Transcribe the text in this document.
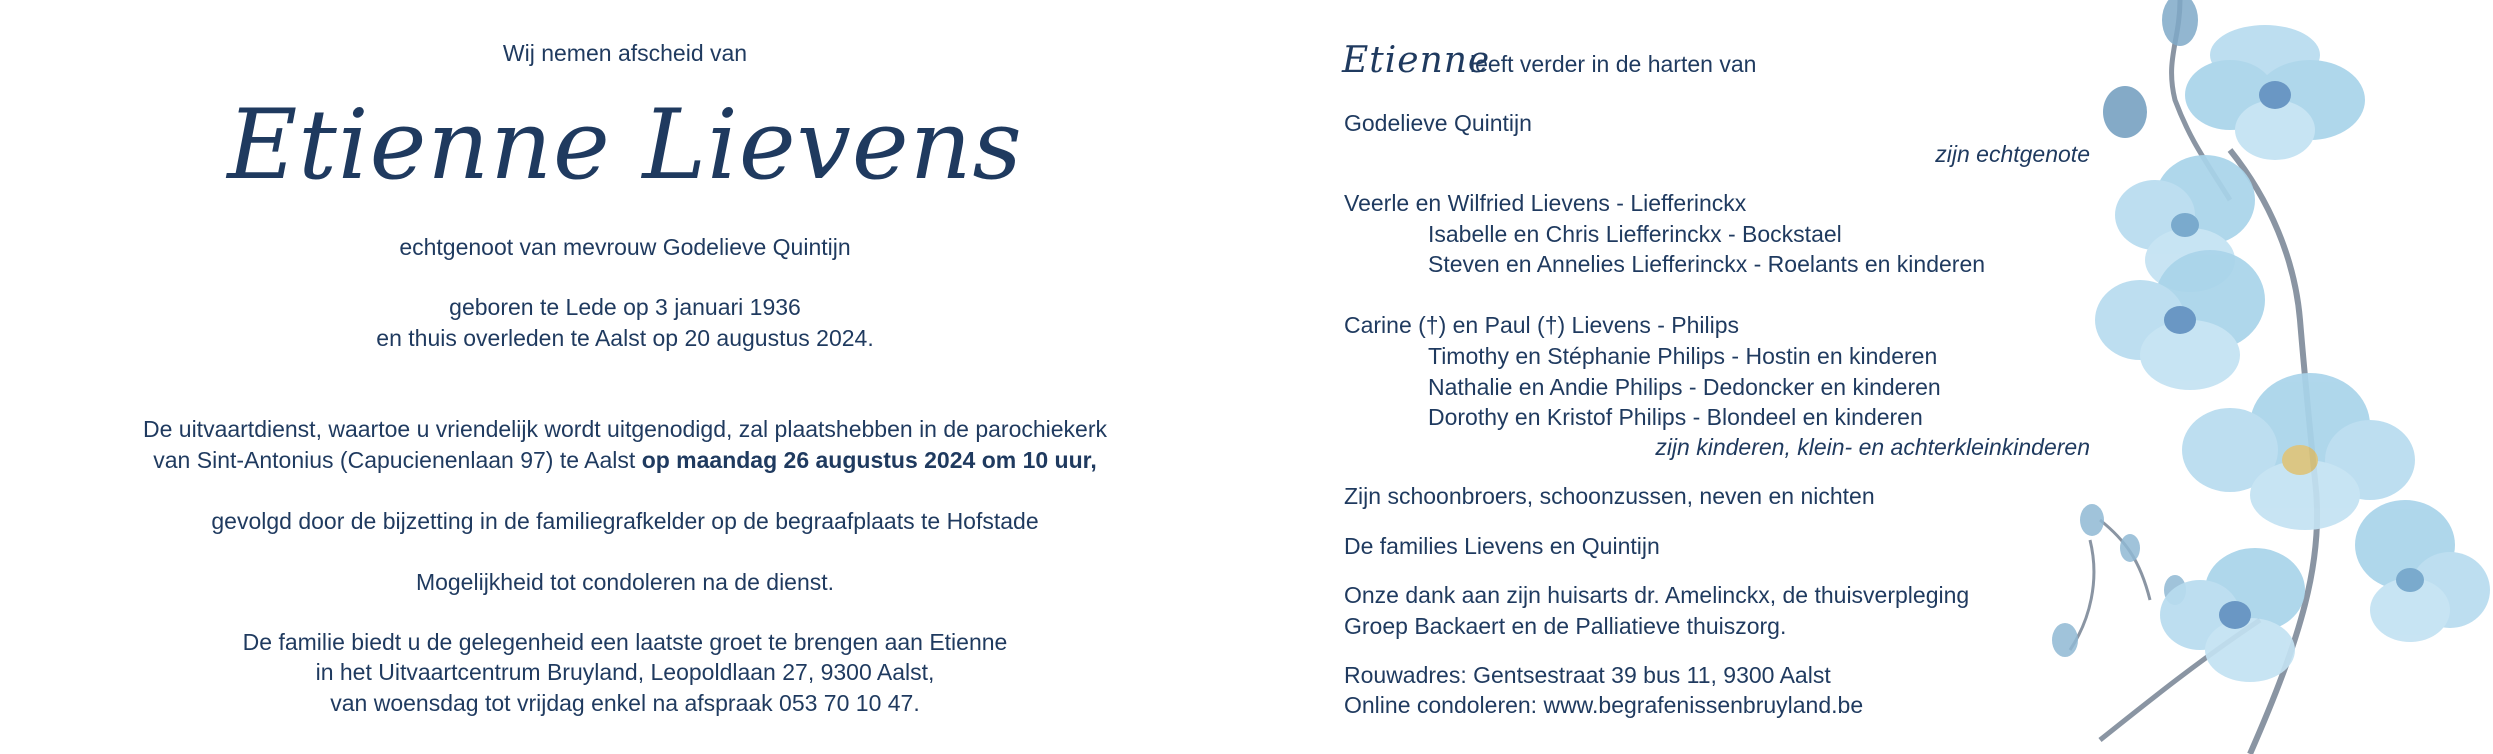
Wij nemen afscheid van
Etienne Lievens
echtgenoot van mevrouw Godelieve Quintijn
geboren te Lede op 3 januari 1936
en thuis overleden te Aalst op 20 augustus 2024.
De uitvaartdienst, waartoe u vriendelijk wordt uitgenodigd, zal plaatshebben in de parochiekerk
van Sint-Antonius (Capucienenlaan 97) te Aalst op maandag 26 augustus 2024 om 10 uur,
gevolgd door de bijzetting in de familiegrafkelder op de begraafplaats te Hofstade
Mogelijkheid tot condoleren na de dienst.
De familie biedt u de gelegenheid een laatste groet te brengen aan Etienne
in het Uitvaartcentrum Bruyland, Leopoldlaan 27, 9300 Aalst,
van woensdag tot vrijdag enkel na afspraak 053 70 10 47.
Etienne
leeft verder in de harten van
Godelieve Quintijn
zijn echtgenote
Veerle en Wilfried Lievens - Liefferinckx
Isabelle en Chris Liefferinckx - Bockstael
Steven en Annelies Liefferinckx - Roelants en kinderen
Carine (†) en Paul (†) Lievens - Philips
Timothy en Stéphanie Philips - Hostin en kinderen
Nathalie en Andie Philips - Dedoncker en kinderen
Dorothy en Kristof Philips - Blondeel en kinderen
zijn kinderen, klein- en achterkleinkinderen
Zijn schoonbroers, schoonzussen, neven en nichten
De families Lievens en Quintijn
Onze dank aan zijn huisarts dr. Amelinckx, de thuisverpleging
Groep Backaert en de Palliatieve thuiszorg.
Rouwadres: Gentsestraat 39 bus 11, 9300 Aalst
Online condoleren: www.begrafenissenbruyland.be
